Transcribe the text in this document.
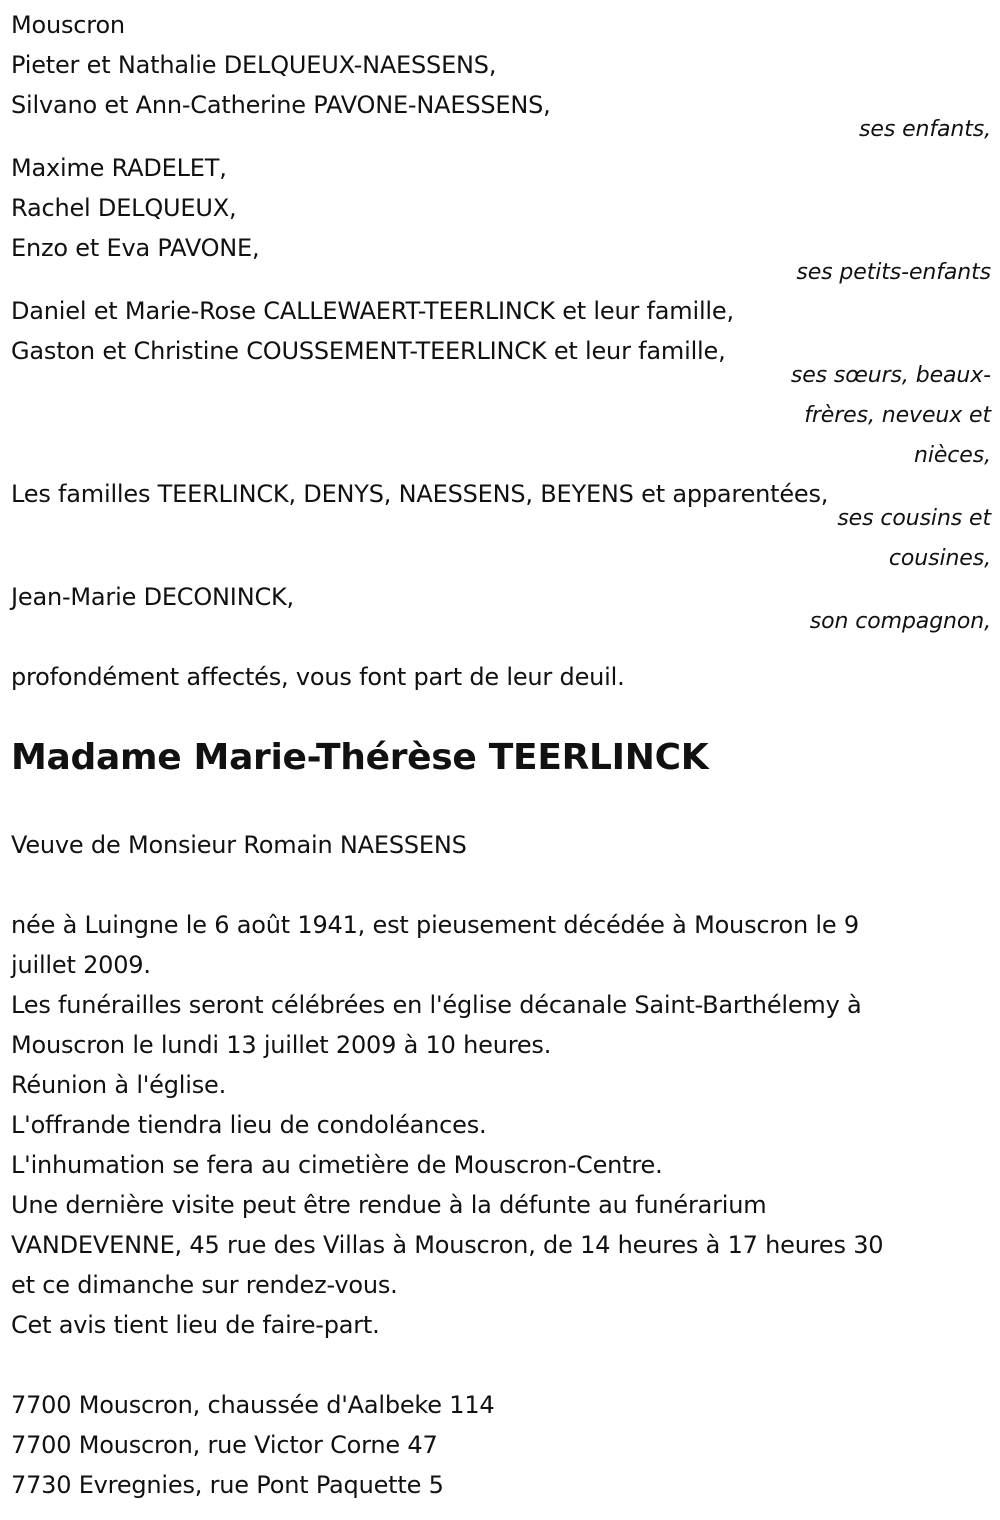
Mouscron
Pieter et Nathalie DELQUEUX-NAESSENS,
Silvano et Ann-Catherine PAVONE-NAESSENS,
ses enfants,
Maxime RADELET,
Rachel DELQUEUX,
Enzo et Eva PAVONE,
ses petits-enfants
Daniel et Marie-Rose CALLEWAERT-TEERLINCK et leur famille,
Gaston et Christine COUSSEMENT-TEERLINCK et leur famille,
ses sœurs, beaux-
frères, neveux et
nièces,
Les familles TEERLINCK, DENYS, NAESSENS, BEYENS et apparentées,
ses cousins et
cousines,
Jean-Marie DECONINCK,
son compagnon,
profondément affectés, vous font part de leur deuil.
Madame Marie-Thérèse TEERLINCK
Veuve de Monsieur Romain NAESSENS
née à Luingne le 6 août 1941, est pieusement décédée à Mouscron le 9
juillet 2009.
Les funérailles seront célébrées en l'église décanale Saint-Barthélemy à
Mouscron le lundi 13 juillet 2009 à 10 heures.
Réunion à l'église.
L'offrande tiendra lieu de condoléances.
L'inhumation se fera au cimetière de Mouscron-Centre.
Une dernière visite peut être rendue à la défunte au funérarium
VANDEVENNE, 45 rue des Villas à Mouscron, de 14 heures à 17 heures 30
et ce dimanche sur rendez-vous.
Cet avis tient lieu de faire-part.
7700 Mouscron, chaussée d'Aalbeke 114
7700 Mouscron, rue Victor Corne 47
7730 Evregnies, rue Pont Paquette 5
